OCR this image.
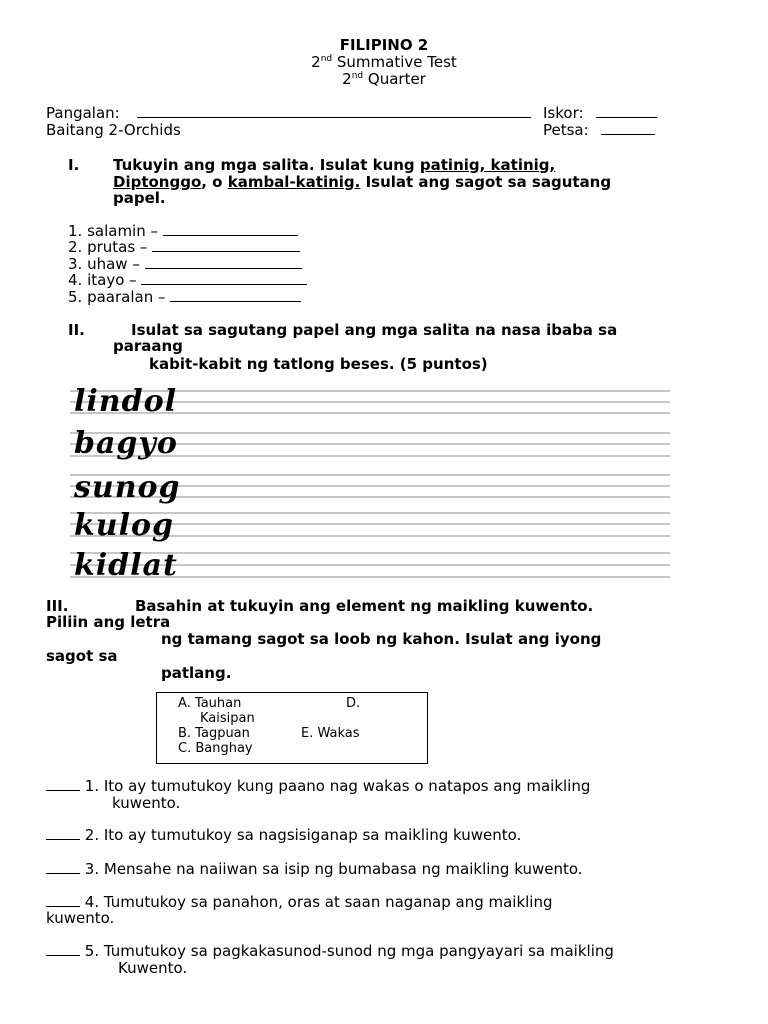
FILIPINO 2
2nd Summative Test
2nd Quarter
Pangalan:	Iskor:
Baitang 2-Orchids	Petsa:
I. Tukuyin ang mga salita. Isulat kung patinig, katinig,
Diptonggo, o kambal-katinig. Isulat ang sagot sa sagutang
papel.
1. salamin –
2. prutas –
3. uhaw –
4. itayo –
5. paaralan –
II.	Isulat sa sagutang papel ang mga salita na nasa ibaba sa
paraang
kabit-kabit ng tatlong beses. (5 puntos)
lindol
bagyo
sunog
kulog
kidlat
III.	Basahin at tukuyin ang element ng maikling kuwento.
Piliin ang letra
ng tamang sagot sa loob ng kahon. Isulat ang iyong
sagot sa
patlang.
A. Tauhan	D.
Kaisipan
B. Tagpuan	E. Wakas
C. Banghay
1. Ito ay tumutukoy kung paano nag wakas o natapos ang maikling
kuwento.
2. Ito ay tumutukoy sa nagsisiganap sa maikling kuwento.
3. Mensahe na naiiwan sa isip ng bumabasa ng maikling kuwento.
4. Tumutukoy sa panahon, oras at saan naganap ang maikling
kuwento.
5. Tumutukoy sa pagkakasunod-sunod ng mga pangyayari sa maikling
Kuwento.
